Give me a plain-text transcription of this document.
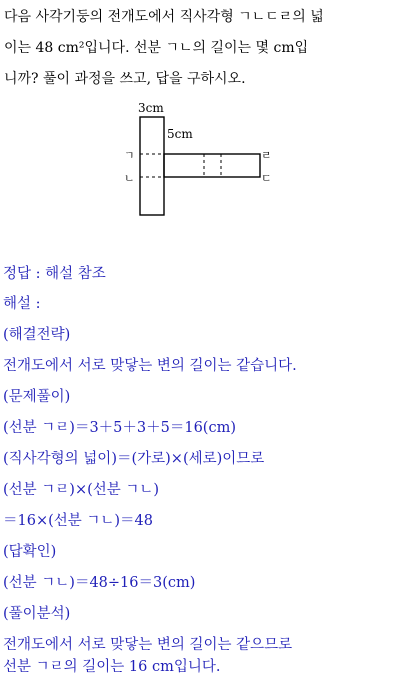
다음 사각기둥의 전개도에서 직사각형 ㄱㄴㄷㄹ의 넓
이는 48 cm²입니다. 선분 ㄱㄴ의 길이는 몇 cm입
니까? 풀이 과정을 쓰고, 답을 구하시오.
3cm
5cm
ㄱ
ㄴ
ㄹ
ㄷ
정답 : 해설 참조
해설 :
(해결전략)
전개도에서 서로 맞닿는 변의 길이는 같습니다.
(문제풀이)
(선분 ㄱㄹ)＝3＋5＋3＋5＝16(cm)
(직사각형의 넓이)＝(가로)×(세로)이므로
(선분 ㄱㄹ)×(선분 ㄱㄴ)
＝16×(선분 ㄱㄴ)＝48
(답확인)
(선분 ㄱㄴ)＝48÷16＝3(cm)
(풀이분석)
전개도에서 서로 맞닿는 변의 길이는 같으므로
선분 ㄱㄹ의 길이는 16 cm입니다.
